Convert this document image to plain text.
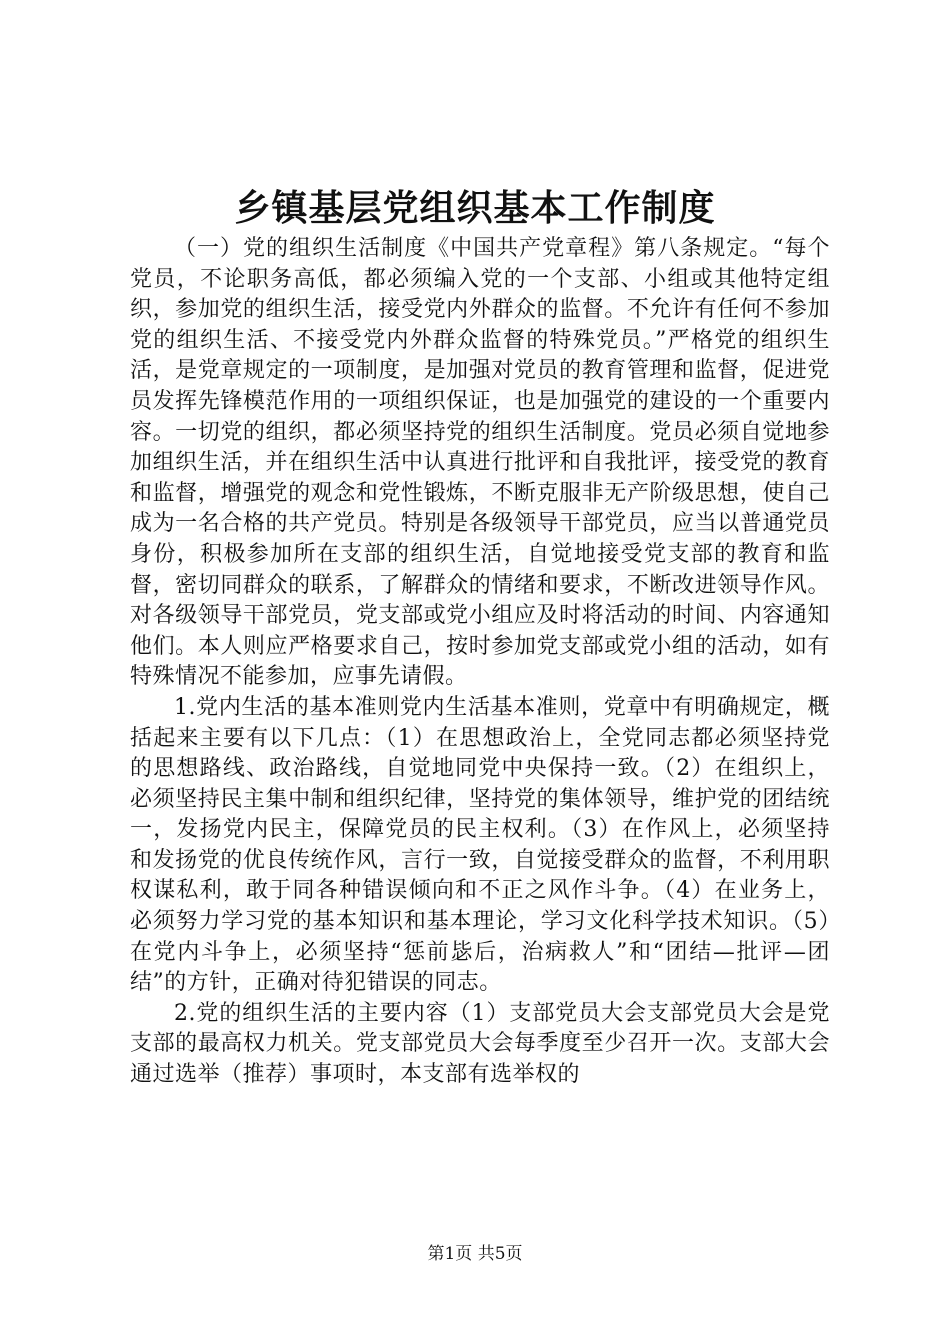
乡镇基层党组织基本工作制度

（一）党的组织生活制度《中国共产党章程》第八条规定。“每个党员，不论职务高低，都必须编入党的一个支部、小组或其他特定组织，参加党的组织生活，接受党内外群众的监督。不允许有任何不参加党的组织生活、不接受党内外群众监督的特殊党员。”严格党的组织生活，是党章规定的一项制度，是加强对党员的教育管理和监督，促进党员发挥先锋模范作用的一项组织保证，也是加强党的建设的一个重要内容。一切党的组织，都必须坚持党的组织生活制度。党员必须自觉地参加组织生活，并在组织生活中认真进行批评和自我批评，接受党的教育和监督，增强党的观念和党性锻炼，不断克服非无产阶级思想，使自己成为一名合格的共产党员。特别是各级领导干部党员，应当以普通党员身份，积极参加所在支部的组织生活，自觉地接受党支部的教育和监督，密切同群众的联系，了解群众的情绪和要求，不断改进领导作风。对各级领导干部党员，党支部或党小组应及时将活动的时间、内容通知他们。本人则应严格要求自己，按时参加党支部或党小组的活动，如有特殊情况不能参加，应事先请假。

1.党内生活的基本准则党内生活基本准则，党章中有明确规定，概括起来主要有以下几点：（1）在思想政治上，全党同志都必须坚持党的思想路线、政治路线，自觉地同党中央保持一致。（2）在组织上，必须坚持民主集中制和组织纪律，坚持党的集体领导，维护党的团结统一，发扬党内民主，保障党员的民主权利。（3）在作风上，必须坚持和发扬党的优良传统作风，言行一致，自觉接受群众的监督，不利用职权谋私利，敢于同各种错误倾向和不正之风作斗争。（4）在业务上，必须努力学习党的基本知识和基本理论，学习文化科学技术知识。（5）在党内斗争上，必须坚持“惩前毖后，治病救人”和“团结—批评—团结”的方针，正确对待犯错误的同志。

2.党的组织生活的主要内容（1）支部党员大会支部党员大会是党支部的最高权力机关。党支部党员大会每季度至少召开一次。支部大会通过选举（推荐）事项时，本支部有选举权的

第1页 共5页
